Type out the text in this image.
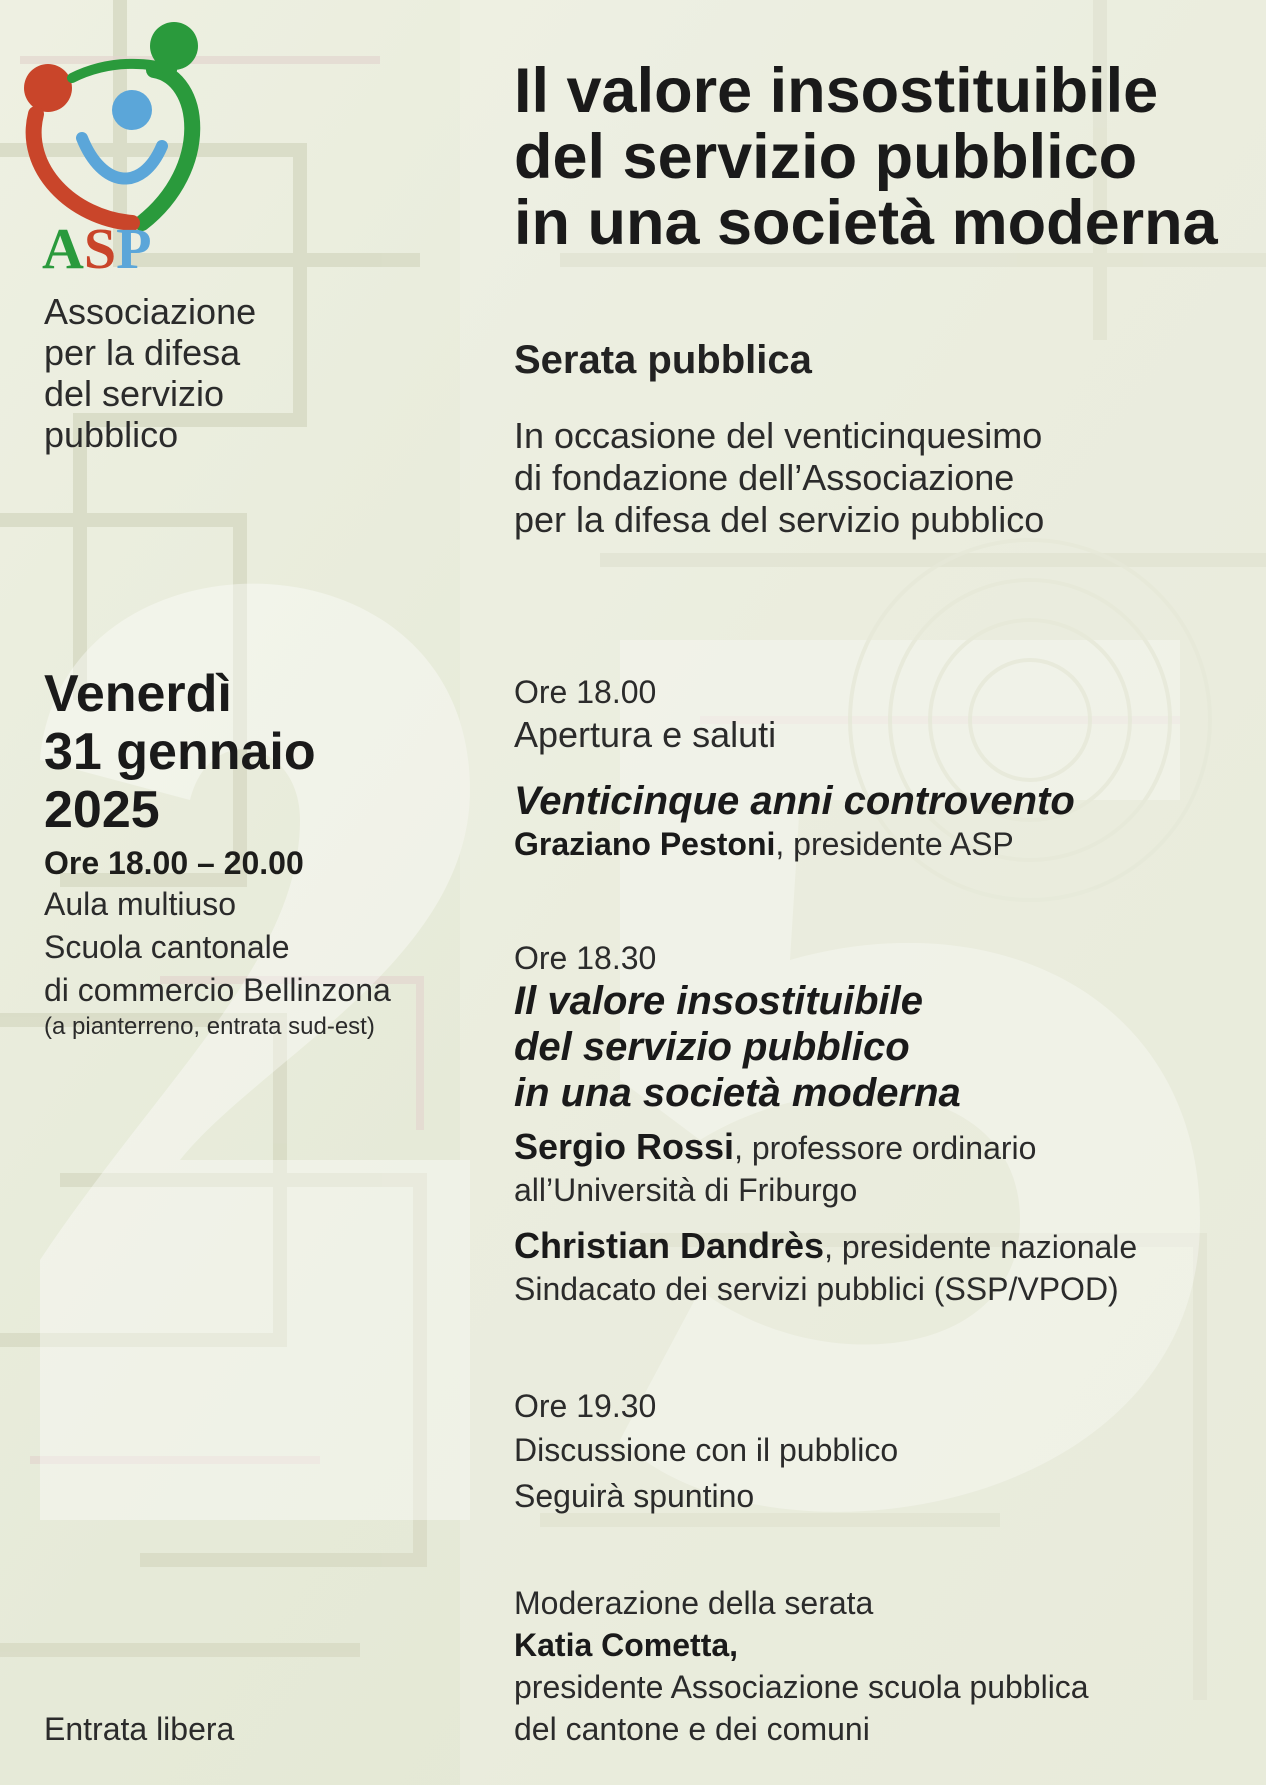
ASP
Associazione
per la difesa
del servizio
pubblico
Venerdì
31 gennaio
2025
Ore 18.00 – 20.00
Aula multiuso
Scuola cantonale
di commercio Bellinzona
(a pianterreno, entrata sud-est)
Entrata libera
Il valore insostituibile
del servizio pubblico
in una società moderna
Serata pubblica
In occasione del venticinquesimo
di fondazione dell’Associazione
per la difesa del servizio pubblico
Ore 18.00
Apertura e saluti
Venticinque anni controvento
Graziano Pestoni, presidente ASP
Ore 18.30
Il valore insostituibile
del servizio pubblico
in una società moderna
Sergio Rossi, professore ordinario
all’Università di Friburgo
Christian Dandrès, presidente nazionale
Sindacato dei servizi pubblici (SSP/VPOD)
Ore 19.30
Discussione con il pubblico
Seguirà spuntino
Moderazione della serata
Katia Cometta,
presidente Associazione scuola pubblica
del cantone e dei comuni
